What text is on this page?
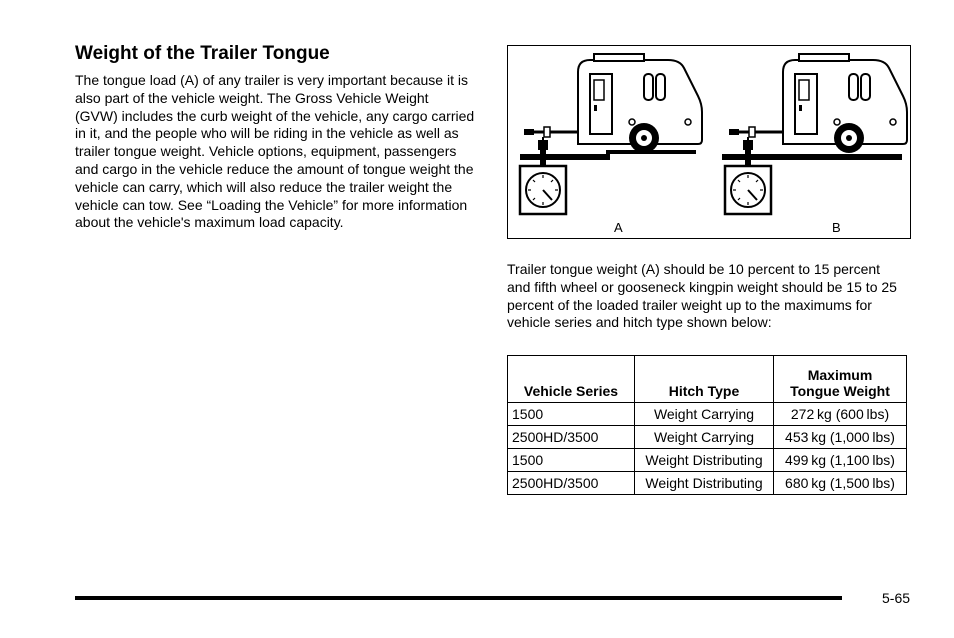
Weight of the Trailer Tongue

The tongue load (A) of any trailer is very important because it is also part of the vehicle weight. The Gross Vehicle Weight (GVW) includes the curb weight of the vehicle, any cargo carried in it, and the people who will be riding in the vehicle as well as trailer tongue weight. Vehicle options, equipment, passengers and cargo in the vehicle reduce the amount of tongue weight the vehicle can carry, which will also reduce the trailer weight the vehicle can tow. See “Loading the Vehicle” for more information about the vehicle's maximum load capacity.	A	B

Trailer tongue weight (A) should be 10 percent to 15 percent and fifth wheel or gooseneck kingpin weight should be 15 to 25 percent of the loaded trailer weight up to the maximums for vehicle series and hitch type shown below:

Vehicle Series	Hitch Type	Maximum
Tongue Weight
1500	Weight Carrying	272 kg (600 lbs)
2500HD/3500	Weight Carrying	453 kg (1,000 lbs)
1500	Weight Distributing	499 kg (1,100 lbs)
2500HD/3500	Weight Distributing	680 kg (1,500 lbs)
5-65
